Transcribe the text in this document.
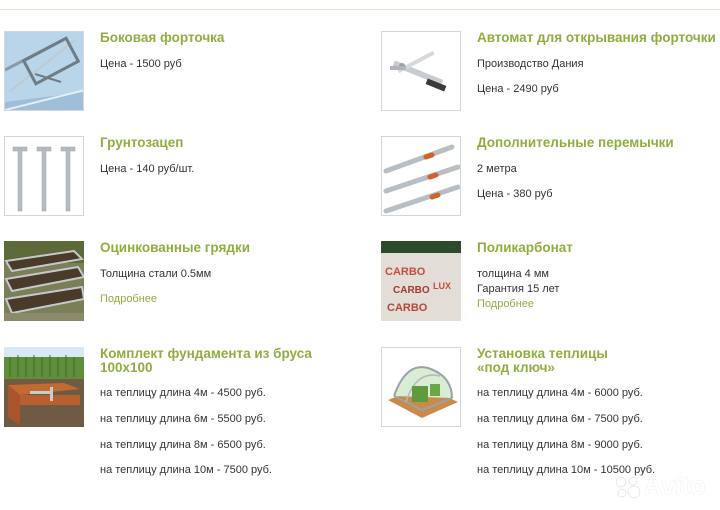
Боковая форточка
Цена - 1500 руб
Автомат для открывания форточки
Производство Дания
Цена - 2490 руб
Грунтозацеп
Цена - 140 руб/шт.
Дополнительные перемычки
2 метра
Цена - 380 руб
Оцинкованные грядки
Толщина стали 0.5мм
Подробнее
CARBO
CARBO LUX
CARBO
Поликарбонат
толщина 4 мм
Гарантия 15 лет
Подробнее
Комплект фундамента из бруса
100х100
на теплицу длина 4м - 4500 руб.
на теплицу длина 6м - 5500 руб.
на теплицу длина 8м - 6500 руб.
на теплицу длина 10м - 7500 руб.
Установка теплицы
«под ключ»
на теплицу длина 4м - 6000 руб.
на теплицу длина 6м - 7500 руб.
на теплицу длина 8м - 9000 руб.
на теплицу длина 10м - 10500 руб.
Avito
